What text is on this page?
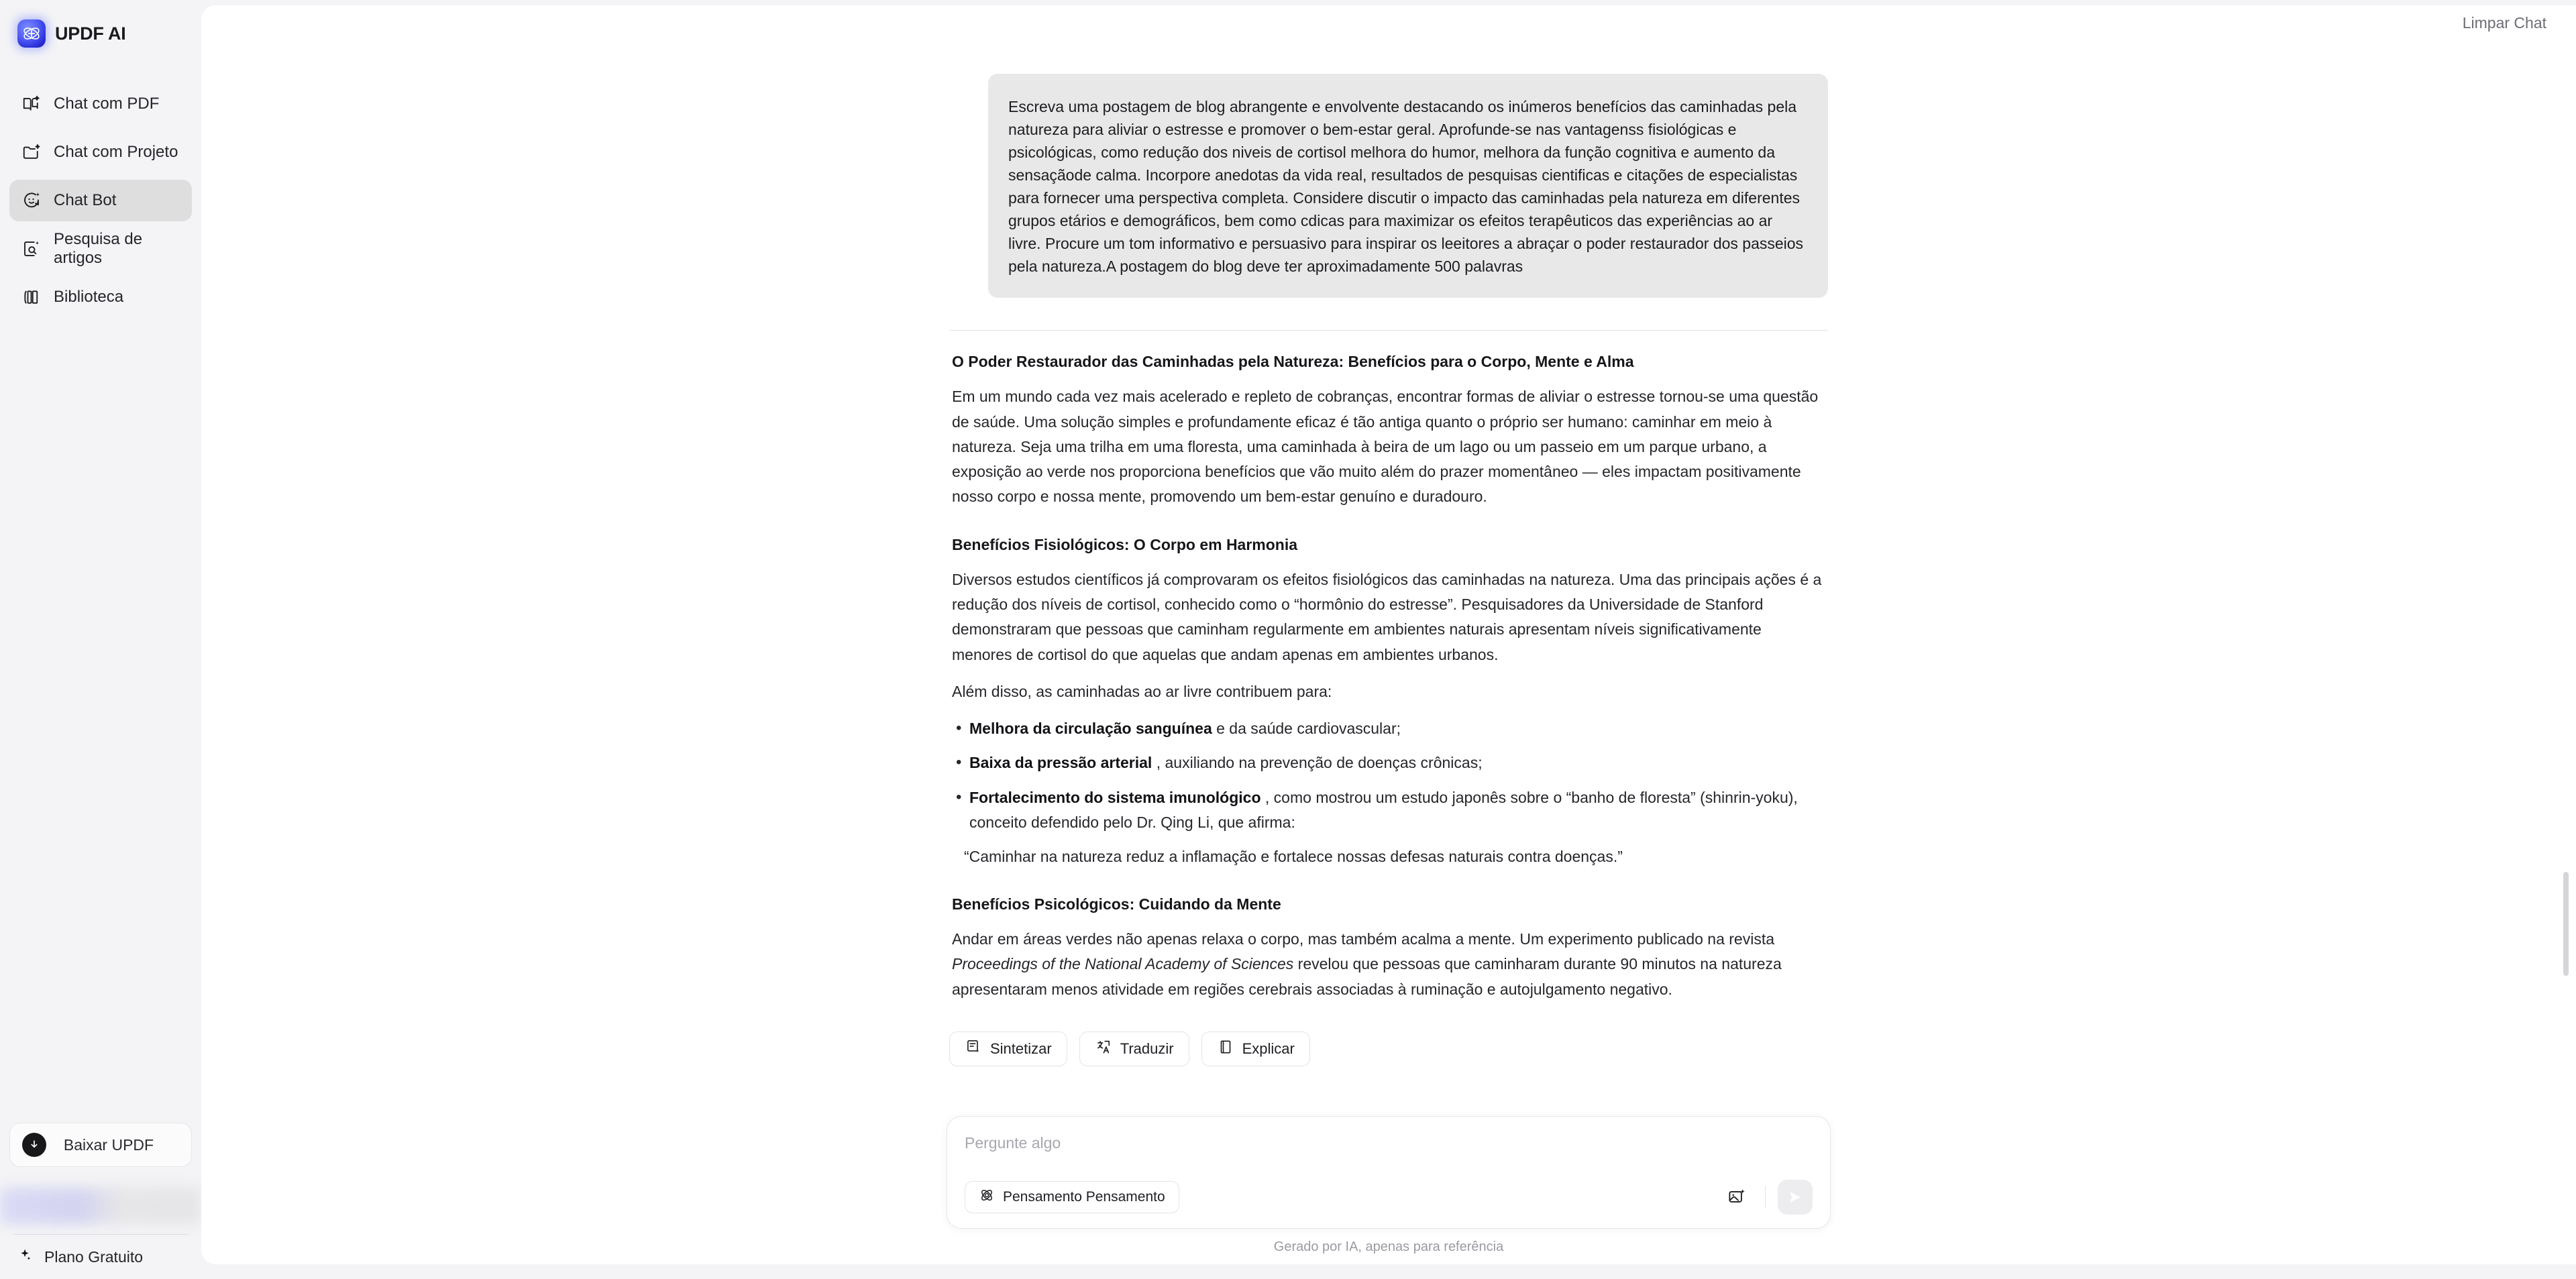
UPDF AI
Chat com PDF
Chat com Projeto
Chat Bot
Pesquisa de artigos
Biblioteca
Baixar UPDF
Plano Gratuito
Limpar Chat
Escreva uma postagem de blog abrangente e envolvente destacando os inúmeros benefícios das caminhadas pela natureza para aliviar o estresse e promover o bem-estar geral. Aprofunde-se nas vantagenss fisiológicas e psicológicas, como redução dos niveis de cortisol melhora do humor, melhora da função cognitiva e aumento da sensaçãode calma. Incorpore anedotas da vida real, resultados de pesquisas cientificas e citações de especialistas para fornecer uma perspectiva completa. Considere discutir o impacto das caminhadas pela natureza em diferentes grupos etários e demográficos, bem como cdicas para maximizar os efeitos terapêuticos das experiências ao ar livre. Procure um tom informativo e persuasivo para inspirar os leeitores a abraçar o poder restaurador dos passeios pela natureza.A postagem do blog deve ter aproximadamente 500 palavras
O Poder Restaurador das Caminhadas pela Natureza: Benefícios para o Corpo, Mente e Alma

Em um mundo cada vez mais acelerado e repleto de cobranças, encontrar formas de aliviar o estresse tornou-se uma questão de saúde. Uma solução simples e profundamente eficaz é tão antiga quanto o próprio ser humano: caminhar em meio à natureza. Seja uma trilha em uma floresta, uma caminhada à beira de um lago ou um passeio em um parque urbano, a exposição ao verde nos proporciona benefícios que vão muito além do prazer momentâneo — eles impactam positivamente nosso corpo e nossa mente, promovendo um bem-estar genuíno e duradouro.

Benefícios Fisiológicos: O Corpo em Harmonia

Diversos estudos científicos já comprovaram os efeitos fisiológicos das caminhadas na natureza. Uma das principais ações é a redução dos níveis de cortisol, conhecido como o “hormônio do estresse”. Pesquisadores da Universidade de Stanford demonstraram que pessoas que caminham regularmente em ambientes naturais apresentam níveis significativamente menores de cortisol do que aquelas que andam apenas em ambientes urbanos.

Além disso, as caminhadas ao ar livre contribuem para:

• Melhora da circulação sanguínea e da saúde cardiovascular;
• Baixa da pressão arterial , auxiliando na prevenção de doenças crônicas;
• Fortalecimento do sistema imunológico , como mostrou um estudo japonês sobre o “banho de floresta” (shinrin-yoku), conceito defendido pelo Dr. Qing Li, que afirma:

“Caminhar na natureza reduz a inflamação e fortalece nossas defesas naturais contra doenças.”

Benefícios Psicológicos: Cuidando da Mente

Andar em áreas verdes não apenas relaxa o corpo, mas também acalma a mente. Um experimento publicado na revista Proceedings of the National Academy of Sciences revelou que pessoas que caminharam durante 90 minutos na natureza apresentaram menos atividade em regiões cerebrais associadas à ruminação e autojulgamento negativo.

Sintetizar	Traduzir	Explicar
Pergunte algo
Pensamento Pensamento
Gerado por IA, apenas para referência
